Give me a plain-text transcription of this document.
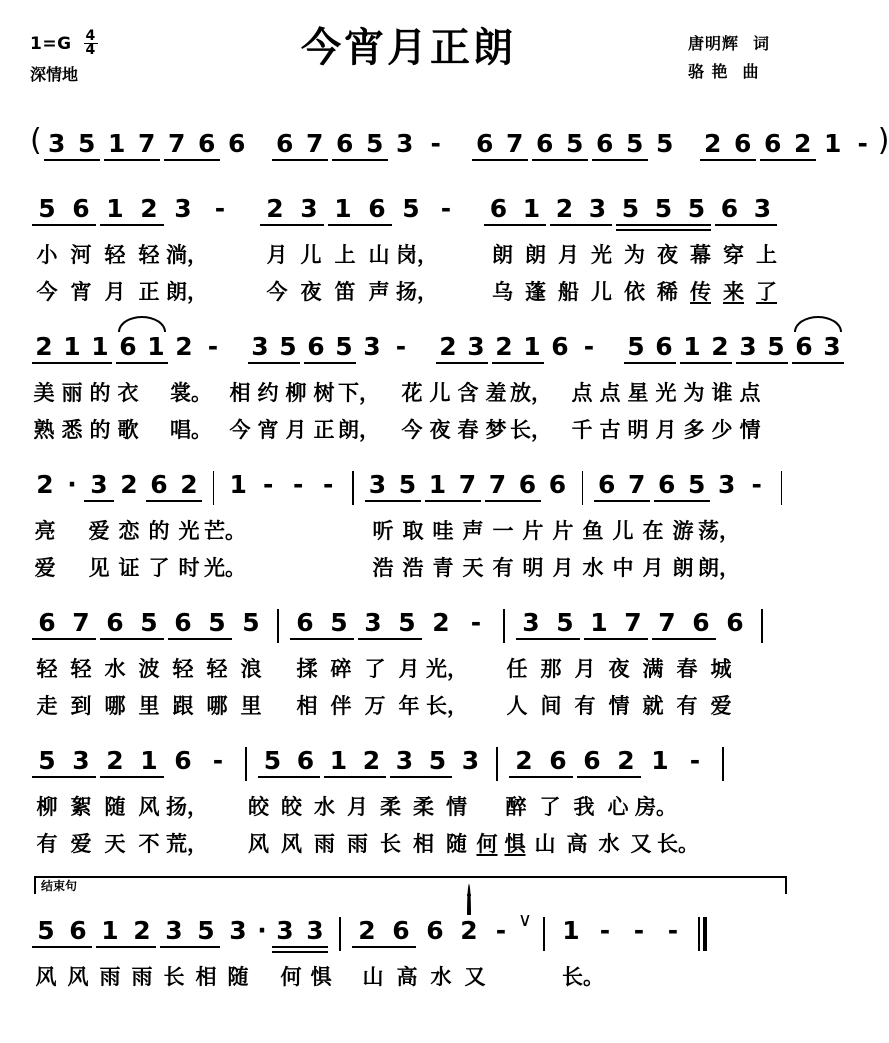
$1=G \frac{4}{4}$
深情地
今宵月正朗	唐明辉 词
骆 艳 曲
( 3 5 1 7 7 6 6 6 7 6 5 3 -	6 7 6 5 6 5 5 2 6 6 2 1 - )
5 6 1 2 3 -	2 3 1 6 5 -	6 1 2 3 5 5 5 6 3
小 河 轻 轻 淌，	月 儿 上 山 岗，	朗 朗 月 光 为 夜 幕 穿 上
今 宵 月 正 朗，	今 夜 笛 声 扬，	乌 蓬 船 儿 依 稀 传 来 了
2 1 1 6 1 2 -	3 5 6 5 3 -	2 3 2 1 6 -	5 6 1 2 3 5 6 3
美 丽 的 衣 裳。 相 约 柳 树 下， 花 儿 含 羞 放， 点 点 星 光 为 谁 点
熟 悉 的 歌 唱。 今 宵 月 正 朗， 今 夜 春 梦 长， 千 古 明 月 多 少 情
2 · 3 2 6 2 1 - - -	3 5 1 7 7 6 6 6 7 6 5 3 -
亮 爱 恋 的 光 芒。	听 取 哇 声 一 片 片 鱼 儿 在 游 荡，
爱 见 证 了 时 光。	浩 浩 青 天 有 明 月 水 中 月 朗 朗，
6 7 6 5 6 5 5	6 5 3 5 2 -	3 5 1 7 7 6 6
轻 轻 水 波 轻 轻 浪	揉 碎 了 月 光，	任 那 月 夜 满 春 城
走 到 哪 里 跟 哪 里	相 伴 万 年 长，	人 间 有 情 就 有 爱
5 3 2 1 6 -	5 6 1 2 3 5 3	2 6 6 2 1 -
柳 絮 随 风 扬， 皎 皎 水 月 柔 柔 情	醉 了 我 心 房。
有 爱 天 不 荒， 风 风 雨 雨 长 相 随 何 惧 山 高 水 又 长。
结束句
5 6 1 2 3 5 3 · 3 3	2 6 6 2 - ∨	1 - - -
风 风 雨 雨 长 相 随 何 惧	山 高 水 又	长。
